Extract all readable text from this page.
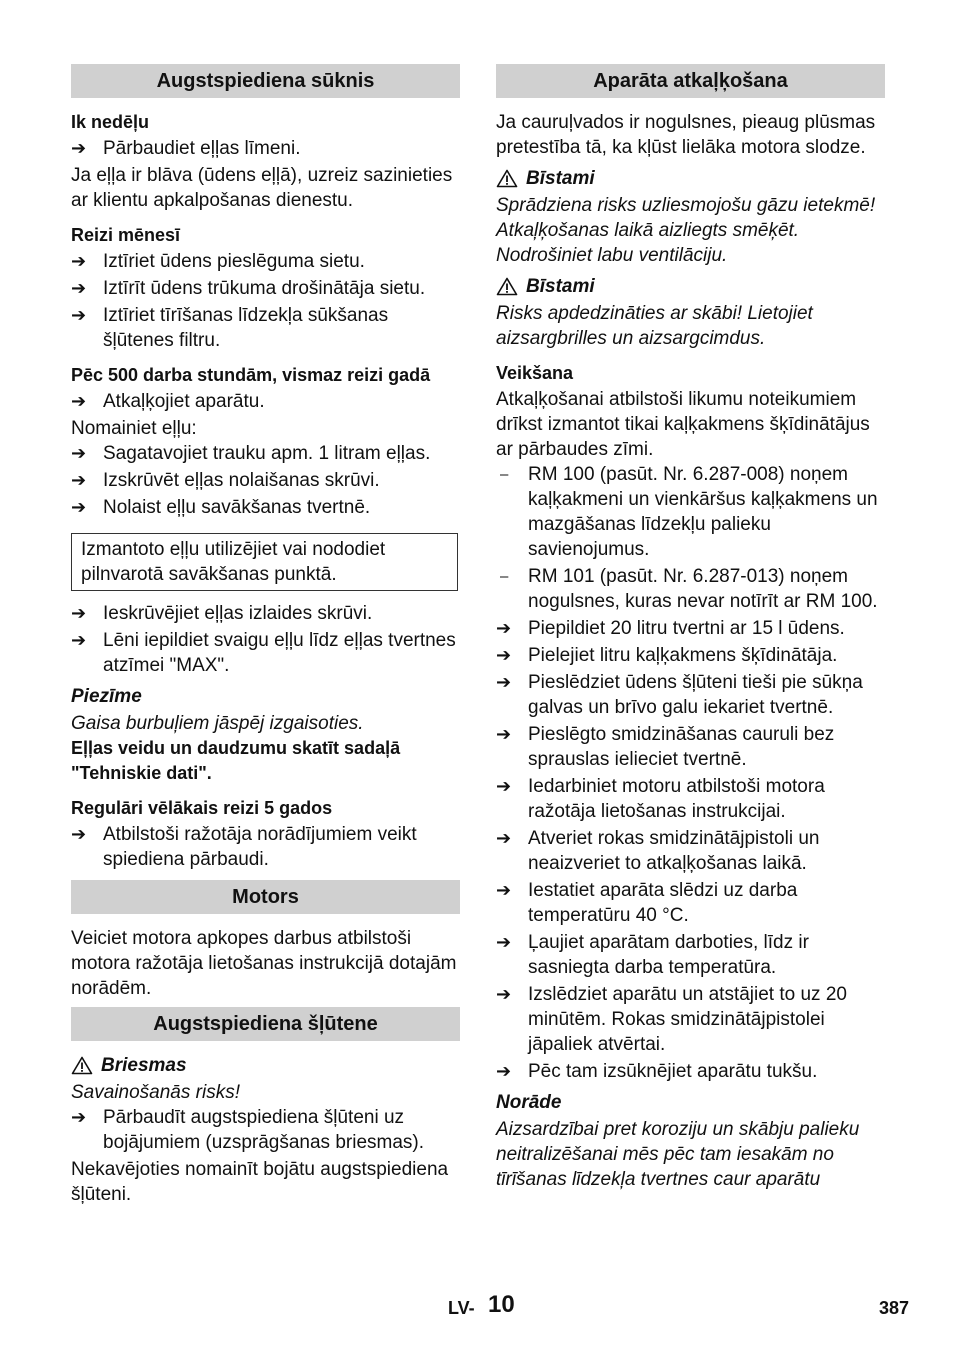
Augstspiediena sūknis
Ik nedēļu
➔ Pārbaudiet eļļas līmeni.

Ja eļļa ir blāva (ūdens eļļā), uzreiz sazinieties ar klientu apkalpošanas dienestu.

Reizi mēnesī
➔ Iztīriet ūdens pieslēguma sietu.
➔ Iztīrīt ūdens trūkuma drošinātāja sietu.
➔ Iztīriet tīrīšanas līdzekļa sūkšanas šļūtenes filtru.
Pēc 500 darba stundām, vismaz reizi gadā
➔ Atkaļķojiet aparātu.

Nomainiet eļļu:

➔ Sagatavojiet trauku apm. 1 litram eļļas.
➔ Izskrūvēt eļļas nolaišanas skrūvi.
➔ Nolaist eļļu savākšanas tvertnē.
Izmantoto eļļu utilizējiet vai nododiet pilnvarotā savākšanas punktā.
➔ Ieskrūvējiet eļļas izlaides skrūvi.
➔ Lēni iepildiet svaigu eļļu līdz eļļas tvertnes atzīmei "MAX".
Piezīme

Gaisa burbuļiem jāspēj izgaisoties.

Eļļas veidu un daudzumu skatīt sadaļā "Tehniskie dati".

Regulāri vēlākais reizi 5 gados
➔ Atbilstoši ražotāja norādījumiem veikt spiediena pārbaudi.
Motors

Veiciet motora apkopes darbus atbilstoši motora ražotāja lietošanas instrukcijā dotajām norādēm.

Augstspiediena šļūtene
Briesmas

Savainošanās risks!

➔ Pārbaudīt augstspiediena šļūteni uz bojājumiem (uzsprāgšanas briesmas).

Nekavējoties nomainīt bojātu augstspiediena šļūteni.

Aparāta atkaļķošana

Ja cauruļvados ir nogulsnes, pieaug plūsmas pretestība tā, ka kļūst lielāka motora slodze.

Bīstami

Sprādziena risks uzliesmojošu gāzu ietekmē! Atkaļķošanas laikā aizliegts smēķēt. Nodrošiniet labu ventilāciju.

Bīstami

Risks apdedzināties ar skābi! Lietojiet aizsargbrilles un aizsargcimdus.

Veikšana

Atkaļķošanai atbilstoši likumu noteikumiem drīkst izmantot tikai kaļķakmens šķīdinātājus ar pārbaudes zīmi.

– RM 100 (pasūt. Nr. 6.287-008) noņem kaļķakmeni un vienkāršus kaļķakmens un mazgāšanas līdzekļu palieku savienojumus.
– RM 101 (pasūt. Nr. 6.287-013) noņem nogulsnes, kuras nevar notīrīt ar RM 100.
➔ Piepildiet 20 litru tvertni ar 15 l ūdens.
➔ Pielejiet litru kaļķakmens šķīdinātāja.
➔ Pieslēdziet ūdens šļūteni tieši pie sūkņa galvas un brīvo galu iekariet tvertnē.
➔ Pieslēgto smidzināšanas cauruli bez sprauslas ielieciet tvertnē.
➔ Iedarbiniet motoru atbilstoši motora ražotāja lietošanas instrukcijai.
➔ Atveriet rokas smidzinātājpistoli un neaizveriet to atkaļķošanas laikā.
➔ Iestatiet aparāta slēdzi uz darba temperatūru 40 °C.
➔ Ļaujiet aparātam darboties, līdz ir sasniegta darba temperatūra.
➔ Izslēdziet aparātu un atstājiet to uz 20 minūtēm. Rokas smidzinātājpistolei jāpaliek atvērtai.
➔ Pēc tam izsūknējiet aparātu tukšu.
Norāde

Aizsardzībai pret koroziju un skābju palieku neitralizēšanai mēs pēc tam iesakām no tīrīšanas līdzekļa tvertnes caur aparātu

LV- 10	387
